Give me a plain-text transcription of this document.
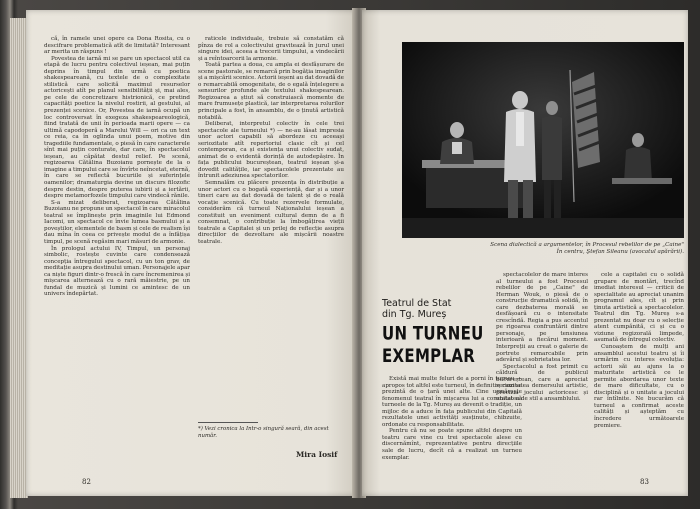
că, în ramele unei opere ca Dona Rosita, cu o descifrare problematică atît de limitată? Interesant ar merita un răspuns !

Povestea de iarnă mi se pare un spectacol util ca etapă de lucru pentru colectivul ieșean, mai puțin deprins în timpul din urmă cu poetica shakespeareană, cu textele de o complexitate stilistică care solicită maximul resurselor actoricești atît pe planul sensibilității și, mai ales, pe cele de concretizare histrionică, ce pretind capacități poetice la nivelul rostirii, al gestului, al prezenței scenice. Or, Povestea de iarnă ocupă un loc controversat în exegeza shakespeareologică, fiind tratată de unii în perioada marii opere — ca ultimă capodoperă a Marelui Will — ori ca un text ce reia, ca în oglinda unui poem, motive din tragediile fundamentale, o piesă în care caracterele sînt mai puțin conturate, dar care, în spectacolul ieșean, au căpătat destul relief. Pe scenă, regizoarea Cătălina Buzoianu pornește de la o imagine a timpului care se învîrte neîncetat, eternă, în care se reflectă bucuriile și suferințele oamenilor; dramaturgia devine un discurs filozofic despre destin, despre puterea iubirii și a iertării, despre metamorfozele timpului care vindecă rănile.

S-a mizat deliberat, regizoarea Cătălina Buzoianu ne propune un spectacol în care miracolul teatral se împlinește prin imaginile lui Edmond Iacomi, un spectacol ce învie lumea basmului și a poveștilor, elementele de basm și cele de realism își dau mîna în ceea ce privește modul de a înfățișa timpul, pe scenă regăsim mari măsuri de armonie.

În prologul actului IV, Timpul, un personaj simbolic, rostește cuvinte care condensează concepția întregului spectacol, cu un ton grav, de meditație asupra destinului uman. Personajele apar ca niște figuri dintr-o frescă în care încremenirea și mișcarea alternează cu o rară măiestrie, pe un fundal de muzică și lumini ce amintesc de un univers îndepărtat.

raticele individuale, trebuie să constatăm că pînza de rol a colectivului gravitează în jurul unei singure idei, aceea a trecerii timpului, a vindecării și a reîntoarcerii la armonie.

Toată partea a doua, cu ampla ei desfășurare de scene pastorale, se remarcă prin bogăția imaginilor și a mișcării scenice. Actorii ieșeni au dat dovadă de o remarcabilă omogenitate, de o egală înțelegere a sensurilor profunde ale textului shakespearean. Regizoarea a știut să construiască momente de mare frumusețe plastică, iar interpretarea rolurilor principale a fost, în ansamblu, de o ținută artistică notabilă.

Deliberat, interpretul colectiv în cele trei spectacole ale turneului *) — ne-au lăsat impresia unor actori capabili să abordeze cu aceeași seriozitate atît repertoriul clasic cît și cel contemporan, ca și existența unui colectiv sudat, animat de o evidentă dorință de autodepășire. În fața publicului bucureștean, teatrul ieșean și-a dovedit calitățile, iar spectacolele prezentate au întrunit adeziunea spectatorilor.

Semnalăm cu plăcere prezența în distribuție a unor actori cu o bogată experiență, dar și a unor tineri care au dat dovadă de talent și de o reală vocație scenică. Cu toate rezervele formulate, considerăm că turneul Naționalului ieșean a constituit un eveniment cultural demn de a fi consemnat, o contribuție la îmbogățirea vieții teatrale a Capitalei și un prilej de reflecție asupra direcțiilor de dezvoltare ale mișcării noastre teatrale.

*) Vezi cronica la Intr-o singură seară, din acest număr.
Mira Iosif
82
Scena dialectică a argumentelor, în Procesul rebelilor de pe „Caine"
În centru, Ştefan Sileanu (avocatul apărării).
Teatrul de Stat
din Tg. Mureș
UN TURNEU
EXEMPLAR

spectacolelor de mare interes al turneului a fost Procesul rebelilor de pe „Caine" de Herman Wouk, o piesă de o construcție dramatică solidă, în care dezbaterea morală se desfășoară cu o intensitate crescîndă. Regia a pus accentul pe rigoarea confruntării dintre personaje, pe tensiunea interioară a fiecărui moment. Interpreții au creat o galerie de portrete remarcabile prin adevărul și sobrietatea lor.

Spectacolul a fost primit cu căldură de publicul bucureștean, care a apreciat seriozitatea demersului artistic, precizia jocului actoricesc și unitatea de stil a ansamblului.

Există mai multe feluri de a porni în turneu — apropos tot altfel este turneul, în definitiv, cum se prezintă de o țară unei alte. Cine urmărește fenomenul teatral în mișcarea lui a constatat că turneele de la Tg. Mureș au devenit o tradiție, un mijloc de a aduce în fața publicului din Capitală rezultatele unei activități susținute, chibzuite, ordonate cu responsabilitate.

Pentru că nu se poate spune altfel despre un teatru care vine cu trei spectacole alese cu discernămînt, reprezentative pentru direcțiile sale de lucru, decît că a realizat un turneu exemplar.

cele a capitalei cu o solidă grupare de montări, trecînd imediat interesul — criticii de specialitate au apreciat unanim programul ales, cît și prin ținuta artistică a spectacolelor. Teatrul din Tg. Mureș s-a prezentat nu doar cu o selecție atent cumpănită, ci și cu o viziune regizorală limpede, asumată de întregul colectiv.

Cunoaștem de mulți ani ansamblul acestui teatru și îi urmărim cu interes evoluția: actorii săi au ajuns la o maturitate artistică ce le permite abordarea unor texte de mare dificultate, cu o disciplină și o unitate a jocului rar întîlnite. Ne bucurăm că turneul a confirmat aceste calități și așteptăm cu încredere următoarele premiere.

83
